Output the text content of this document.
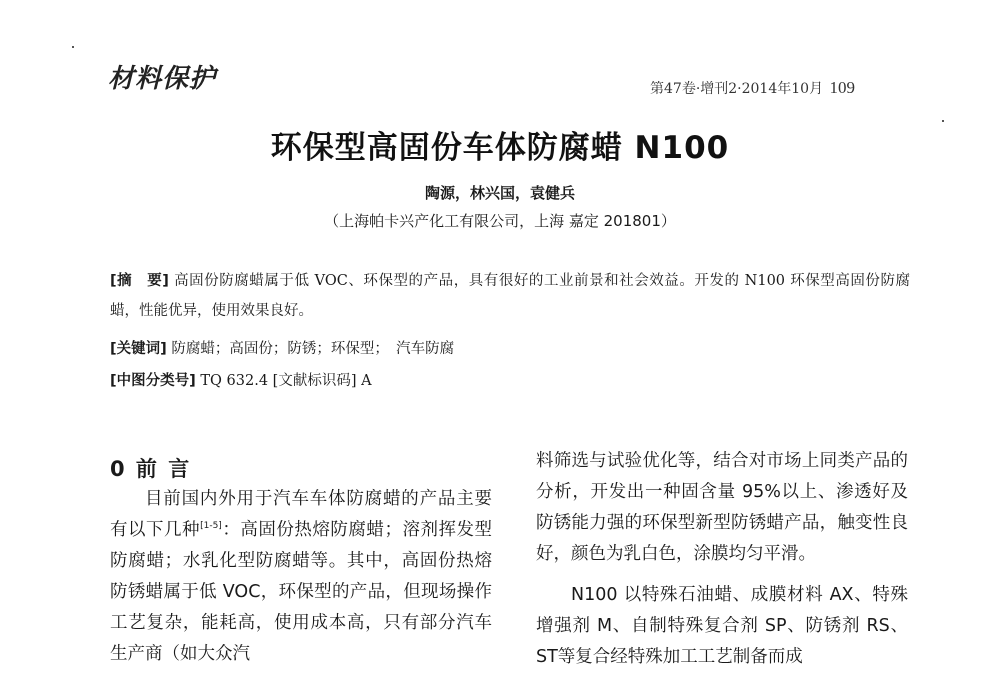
材料保护	第47卷·增刊2·2014年10月 109
环保型高固份车体防腐蜡 N100
陶源，林兴国，袁健兵
（上海帕卡兴产化工有限公司，上海 嘉定 201801）
[摘　要] 高固份防腐蜡属于低 VOC、环保型的产品，具有很好的工业前景和社会效益。开发的 N100 环保型高固份防腐蜡，性能优异，使用效果良好。
[关键词] 防腐蜡；高固份；防锈；环保型；　汽车防腐
[中图分类号] TQ 632.4 [文献标识码] A
0 前 言

目前国内外用于汽车车体防腐蜡的产品主要有以下几种[1-5]：高固份热熔防腐蜡；溶剂挥发型防腐蜡；水乳化型防腐蜡等。其中，高固份热熔防锈蜡属于低 VOC，环保型的产品，但现场操作工艺复杂，能耗高，使用成本高，只有部分汽车生产商（如大众汽

料筛选与试验优化等，结合对市场上同类产品的分析，开发出一种固含量 95%以上、渗透好及防锈能力强的环保型新型防锈蜡产品，触变性良好，颜色为乳白色，涂膜均匀平滑。

N100 以特殊石油蜡、成膜材料 AX、特殊增强剂 M、自制特殊复合剂 SP、防锈剂 RS、ST等复合经特殊加工工艺制备而成
